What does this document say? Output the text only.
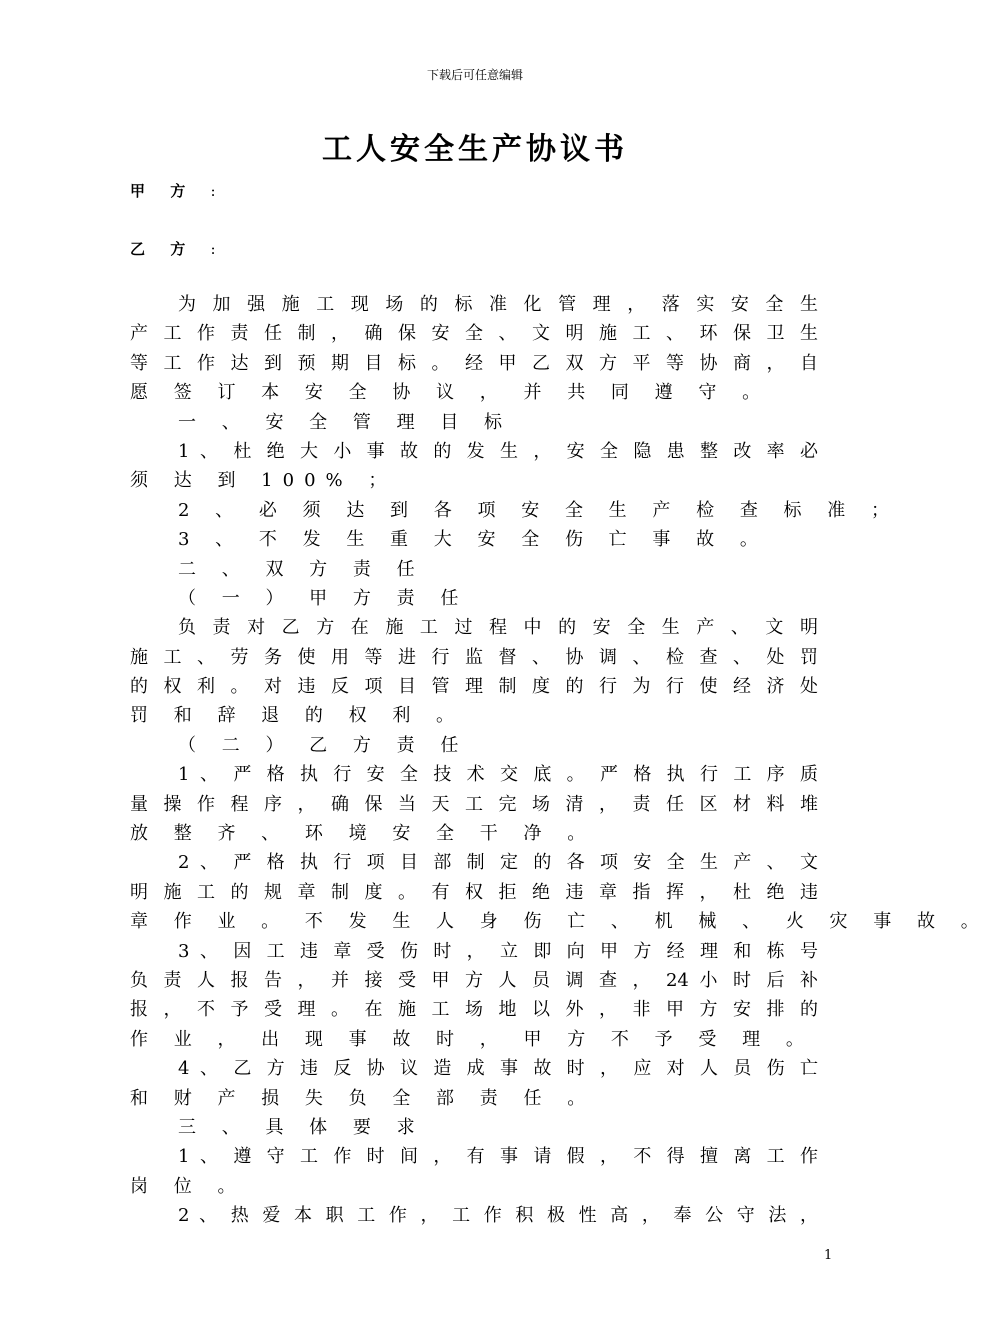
下载后可任意编辑
工人安全生产协议书
甲 方 :
乙 方 :
为 加 强 施 工 现 场 的 标 准 化 管 理 ， 落 实 安 全 生
产 工 作 责 任 制 ， 确 保 安 全 、 文 明 施 工 、 环 保 卫 生
等 工 作 达 到 预 期 目 标 。 经 甲 乙 双 方 平 等 协 商 ， 自
愿 签 订 本 安 全 协 议 ， 并 共 同 遵 守 。
一 、 安 全 管 理 目 标
1 、 杜 绝 大 小 事 故 的 发 生 ， 安 全 隐 患 整 改 率 必
须 达 到 100% ；
2 、 必 须 达 到 各 项 安 全 生 产 检 查 标 准 ；
3 、 不 发 生 重 大 安 全 伤 亡 事 故 。
二 、 双 方 责 任
（ 一 ） 甲 方 责 任
负 责 对 乙 方 在 施 工 过 程 中 的 安 全 生 产 、 文 明
施 工 、 劳 务 使 用 等 进 行 监 督 、 协 调 、 检 查 、 处 罚
的 权 利 。 对 违 反 项 目 管 理 制 度 的 行 为 行 使 经 济 处
罚 和 辞 退 的 权 利 。
（ 二 ） 乙 方 责 任
1 、 严 格 执 行 安 全 技 术 交 底 。 严 格 执 行 工 序 质
量 操 作 程 序 ， 确 保 当 天 工 完 场 清 ， 责 任 区 材 料 堆
放 整 齐 、 环 境 安 全 干 净 。
2 、 严 格 执 行 项 目 部 制 定 的 各 项 安 全 生 产 、 文
明 施 工 的 规 章 制 度 。 有 权 拒 绝 违 章 指 挥 ， 杜 绝 违
章 作 业 。 不 发 生 人 身 伤 亡 、 机 械 、 火 灾 事 故 。
3 、 因 工 违 章 受 伤 时 ， 立 即 向 甲 方 经 理 和 栋 号
负 责 人 报 告 ， 并 接 受 甲 方 人 员 调 查 ， 24 小 时 后 补
报 ， 不 予 受 理 。 在 施 工 场 地 以 外 ， 非 甲 方 安 排 的
作 业 ， 出 现 事 故 时 ， 甲 方 不 予 受 理 。
4 、 乙 方 违 反 协 议 造 成 事 故 时 ， 应 对 人 员 伤 亡
和 财 产 损 失 负 全 部 责 任 。
三 、 具 体 要 求
1 、 遵 守 工 作 时 间 ， 有 事 请 假 ， 不 得 擅 离 工 作
岗 位 。
2 、 热 爱 本 职 工 作 ， 工 作 积 极 性 高 ， 奉 公 守 法 ，
1
